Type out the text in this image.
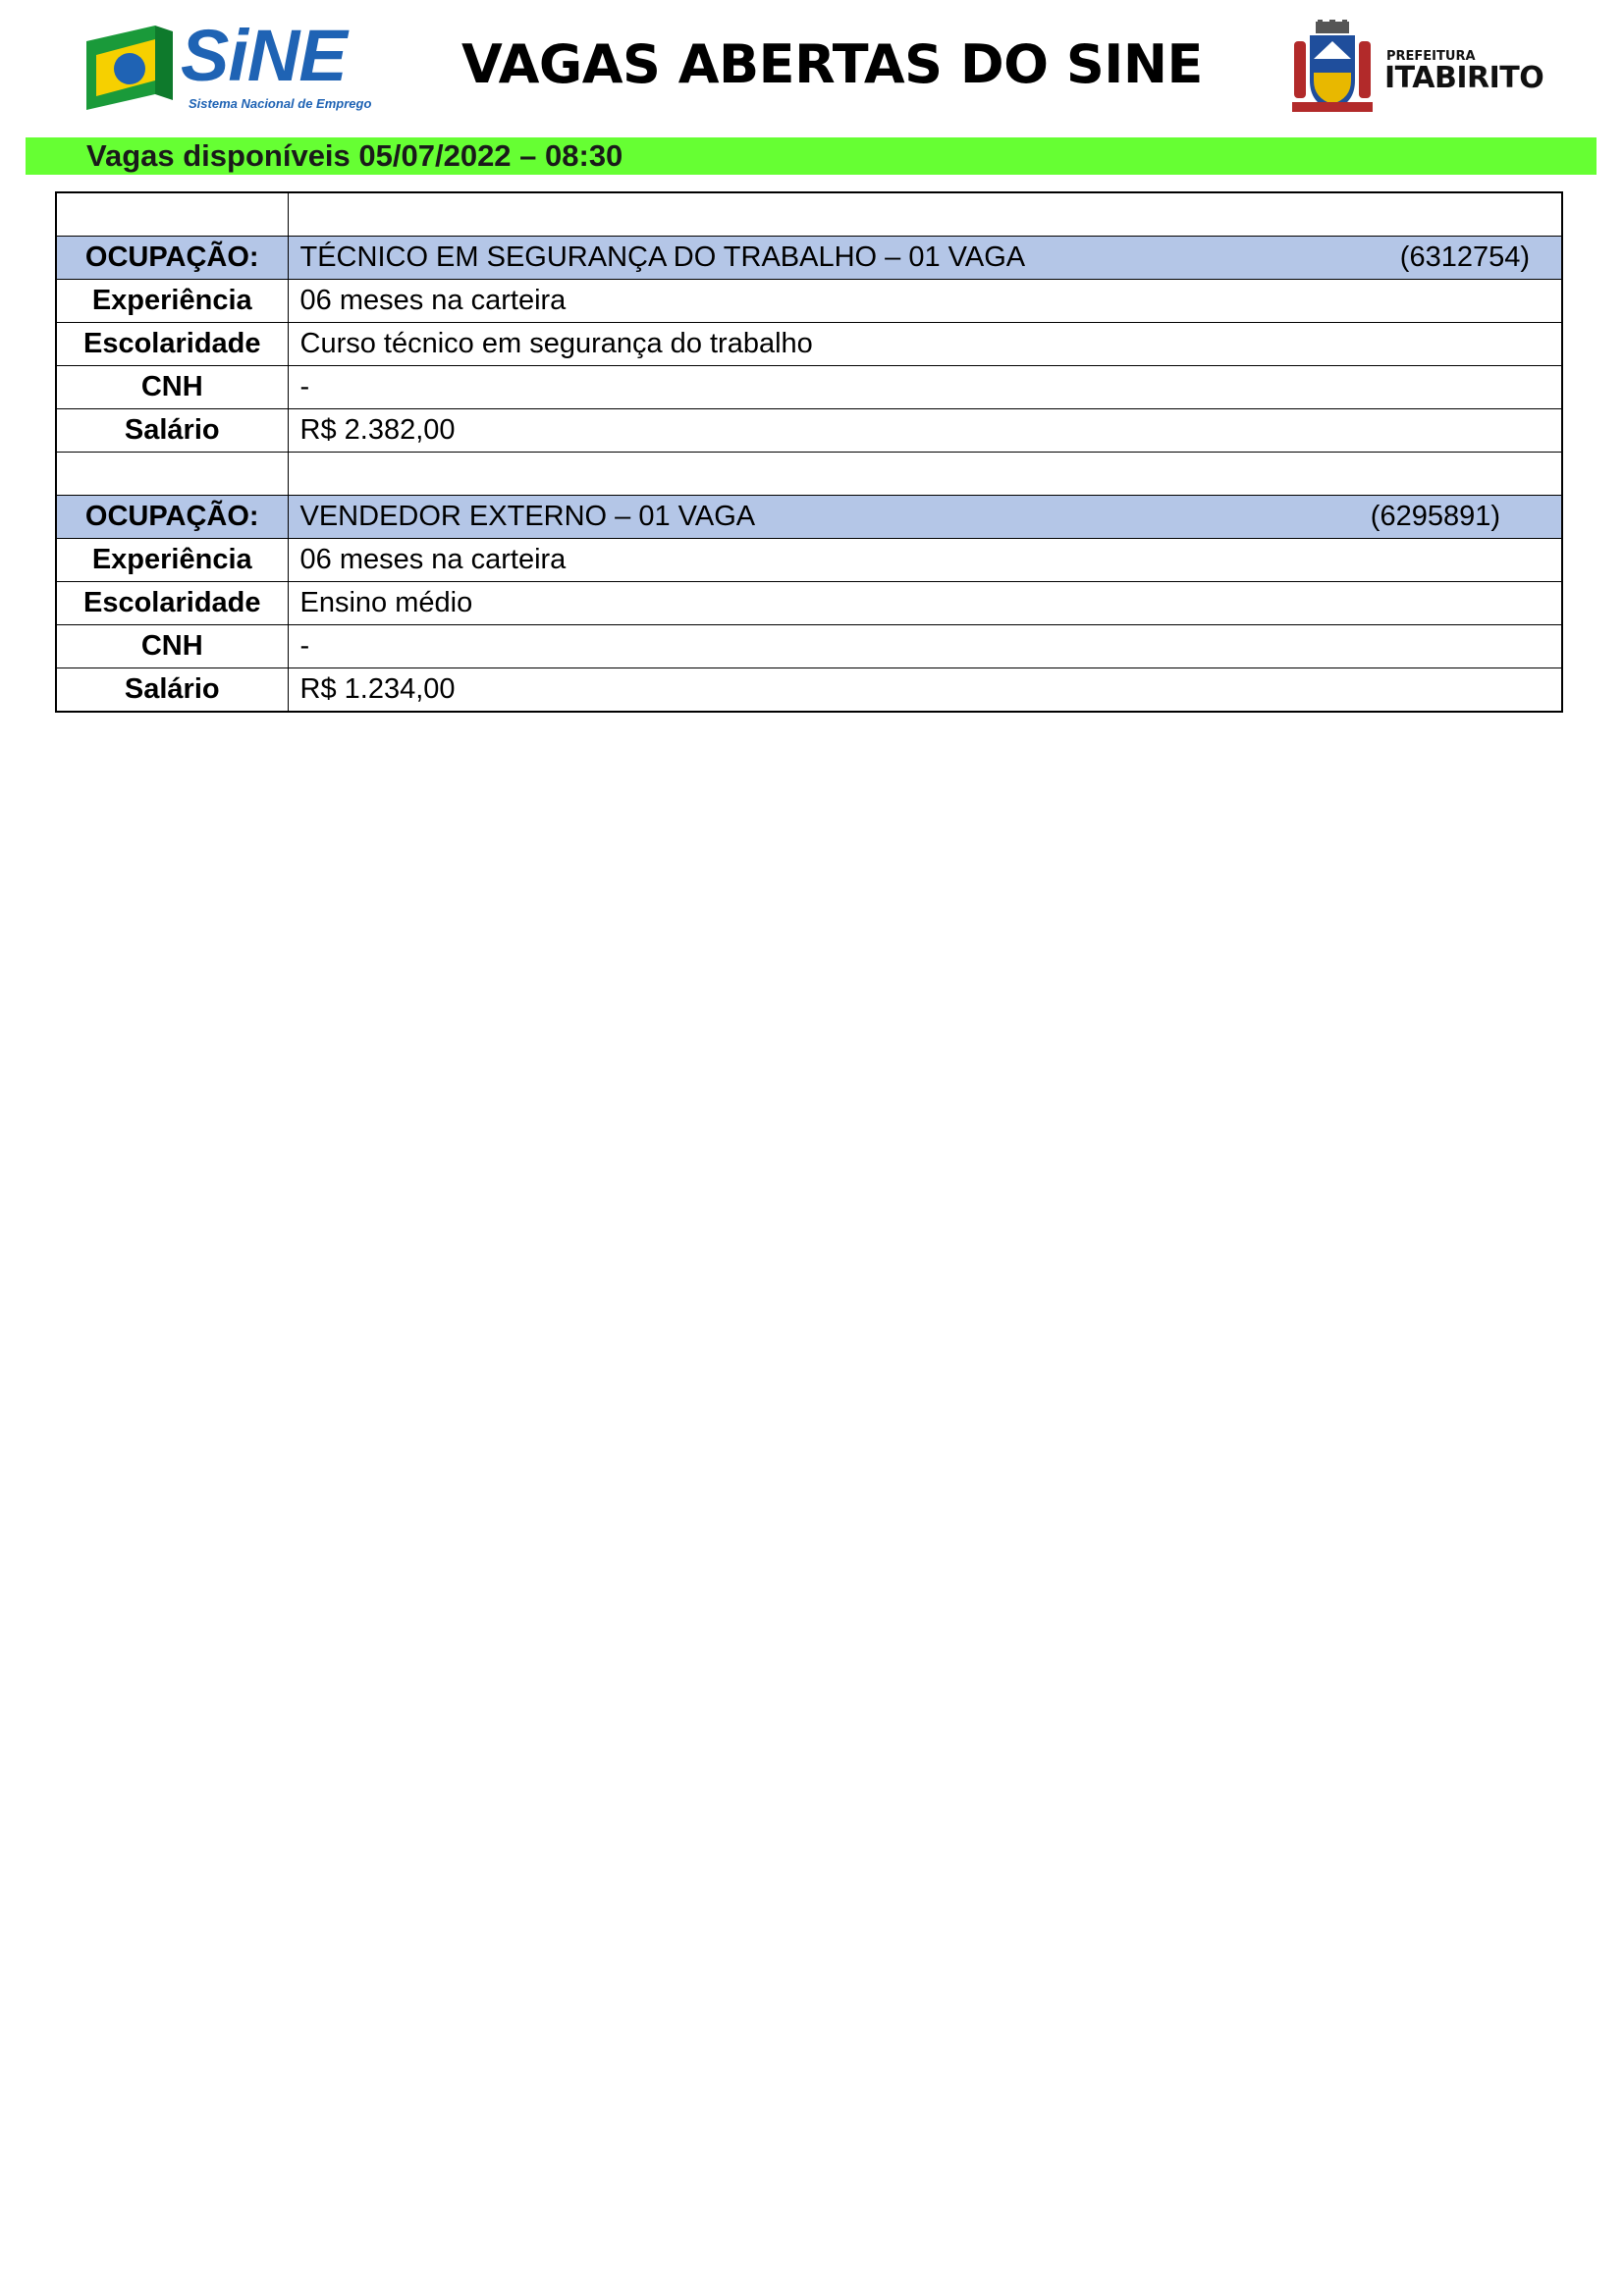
SiNE
Sistema Nacional de Emprego
VAGAS ABERTAS DO SINE	PREFEITURA
ITABIRITO
Vagas disponíveis 05/07/2022 – 08:30

OCUPAÇÃO:	TÉCNICO EM SEGURANÇA DO TRABALHO – 01 VAGA (6312754)

Experiência	06 meses na carteira
Escolaridade	Curso técnico em segurança do trabalho
CNH	-
Salário	R$ 2.382,00

OCUPAÇÃO:	VENDEDOR EXTERNO – 01 VAGA (6295891)

Experiência	06 meses na carteira
Escolaridade	Ensino médio
CNH	-
Salário	R$ 1.234,00
